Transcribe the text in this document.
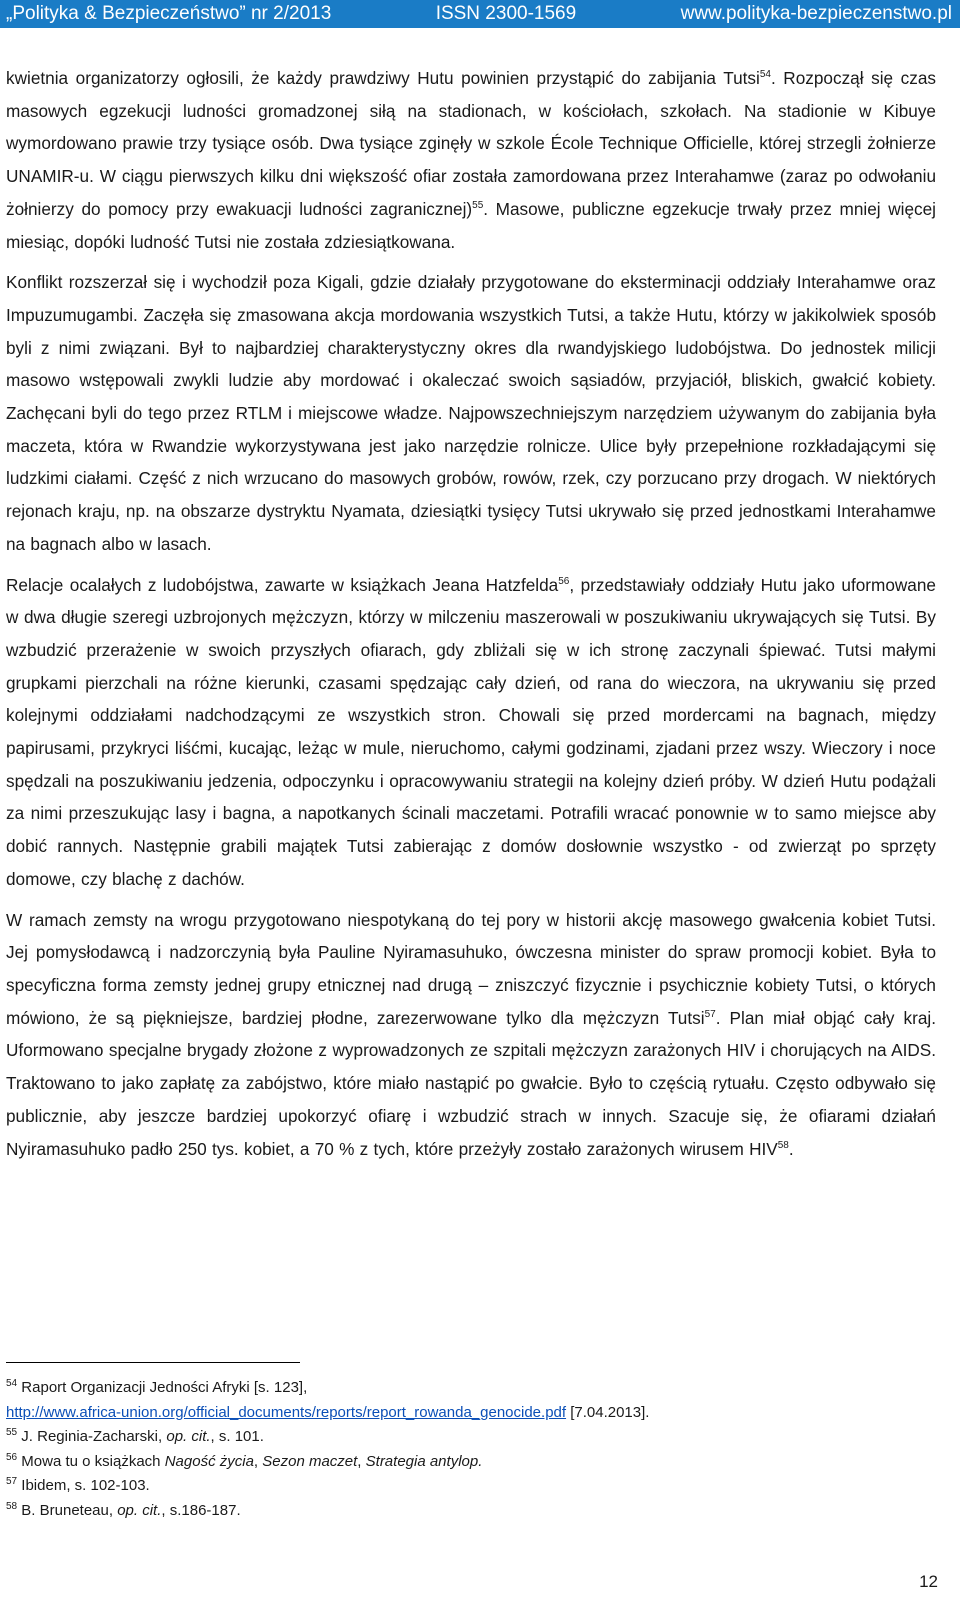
„Polityka & Bezpieczeństwo” nr 2/2013	ISSN 2300-1569	www.polityka-bezpieczenstwo.pl

kwietnia organizatorzy ogłosili, że każdy prawdziwy Hutu powinien przystąpić do zabijania Tutsi$^{54}$. Rozpoczął się czas masowych egzekucji ludności gromadzonej siłą na stadionach, w kościołach, szkołach. Na stadionie w Kibuye wymordowano prawie trzy tysiące osób. Dwa tysiące zginęły w szkole École Technique Officielle, której strzegli żołnierze UNAMIR-u. W ciągu pierwszych kilku dni większość ofiar została zamordowana przez Interahamwe (zaraz po odwołaniu żołnierzy do pomocy przy ewakuacji ludności zagranicznej)$^{55}$. Masowe, publiczne egzekucje trwały przez mniej więcej miesiąc, dopóki ludność Tutsi nie została zdziesiątkowana.

Konflikt rozszerzał się i wychodził poza Kigali, gdzie działały przygotowane do eksterminacji oddziały Interahamwe oraz Impuzumugambi. Zaczęła się zmasowana akcja mordowania wszystkich Tutsi, a także Hutu, którzy w jakikolwiek sposób byli z nimi związani. Był to najbardziej charakterystyczny okres dla rwandyjskiego ludobójstwa. Do jednostek milicji masowo wstępowali zwykli ludzie aby mordować i okaleczać swoich sąsiadów, przyjaciół, bliskich, gwałcić kobiety. Zachęcani byli do tego przez RTLM i miejscowe władze. Najpowszechniejszym narzędziem używanym do zabijania była maczeta, która w Rwandzie wykorzystywana jest jako narzędzie rolnicze. Ulice były przepełnione rozkładającymi się ludzkimi ciałami. Część z nich wrzucano do masowych grobów, rowów, rzek, czy porzucano przy drogach. W niektórych rejonach kraju, np. na obszarze dystryktu Nyamata, dziesiątki tysięcy Tutsi ukrywało się przed jednostkami Interahamwe na bagnach albo w lasach.

Relacje ocalałych z ludobójstwa, zawarte w książkach Jeana Hatzfelda$^{56}$, przedstawiały oddziały Hutu jako uformowane w dwa długie szeregi uzbrojonych mężczyzn, którzy w milczeniu maszerowali w poszukiwaniu ukrywających się Tutsi. By wzbudzić przerażenie w swoich przyszłych ofiarach, gdy zbliżali się w ich stronę zaczynali śpiewać. Tutsi małymi grupkami pierzchali na różne kierunki, czasami spędzając cały dzień, od rana do wieczora, na ukrywaniu się przed kolejnymi oddziałami nadchodzącymi ze wszystkich stron. Chowali się przed mordercami na bagnach, między papirusami, przykryci liśćmi, kucając, leżąc w mule, nieruchomo, całymi godzinami, zjadani przez wszy. Wieczory i noce spędzali na poszukiwaniu jedzenia, odpoczynku i opracowywaniu strategii na kolejny dzień próby. W dzień Hutu podążali za nimi przeszukując lasy i bagna, a napotkanych ścinali maczetami. Potrafili wracać ponownie w to samo miejsce aby dobić rannych. Następnie grabili majątek Tutsi zabierając z domów dosłownie wszystko - od zwierząt po sprzęty domowe, czy blachę z dachów.

W ramach zemsty na wrogu przygotowano niespotykaną do tej pory w historii akcję masowego gwałcenia kobiet Tutsi. Jej pomysłodawcą i nadzorczynią była Pauline Nyiramasuhuko, ówczesna minister do spraw promocji kobiet. Była to specyficzna forma zemsty jednej grupy etnicznej nad drugą – zniszczyć fizycznie i psychicznie kobiety Tutsi, o których mówiono, że są piękniejsze, bardziej płodne, zarezerwowane tylko dla mężczyzn Tutsi$^{57}$. Plan miał objąć cały kraj. Uformowano specjalne brygady złożone z wyprowadzonych ze szpitali mężczyzn zarażonych HIV i chorujących na AIDS. Traktowano to jako zapłatę za zabójstwo, które miało nastąpić po gwałcie. Było to częścią rytuału. Często odbywało się publicznie, aby jeszcze bardziej upokorzyć ofiarę i wzbudzić strach w innych. Szacuje się, że ofiarami działań Nyiramasuhuko padło 250 tys. kobiet, a 70 % z tych, które przeżyły zostało zarażonych wirusem HIV$^{58}$.

$^{54}$ Raport Organizacji Jedności Afryki [s. 123],
http://www.africa-union.org/official_documents/reports/report_rowanda_genocide.pdf [7.04.2013].
$^{55}$ J. Reginia-Zacharski, op. cit., s. 101.
$^{56}$ Mowa tu o książkach Nagość życia, Sezon maczet, Strategia antylop.
$^{57}$ Ibidem, s. 102-103.
$^{58}$ B. Bruneteau, op. cit., s.186-187.
12
